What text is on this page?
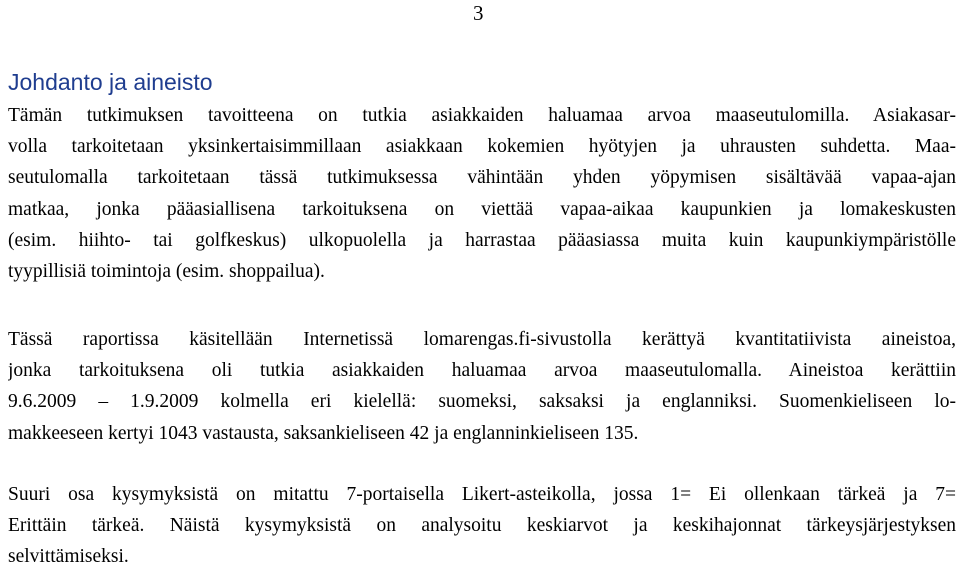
3
Johdanto ja aineisto
Tämän tutkimuksen tavoitteena on tutkia asiakkaiden haluamaa arvoa maaseutulomilla. Asiakasar-
volla tarkoitetaan yksinkertaisimmillaan asiakkaan kokemien hyötyjen ja uhrausten suhdetta. Maa-
seutulomalla tarkoitetaan tässä tutkimuksessa vähintään yhden yöpymisen sisältävää vapaa-ajan
matkaa, jonka pääasiallisena tarkoituksena on viettää vapaa-aikaa kaupunkien ja lomakeskusten
(esim. hiihto- tai golfkeskus) ulkopuolella ja harrastaa pääasiassa muita kuin kaupunkiympäristölle
tyypillisiä toimintoja (esim. shoppailua).
Tässä raportissa käsitellään Internetissä lomarengas.fi-sivustolla kerättyä kvantitatiivista aineistoa,
jonka tarkoituksena oli tutkia asiakkaiden haluamaa arvoa maaseutulomalla. Aineistoa kerättiin
9.6.2009 – 1.9.2009 kolmella eri kielellä: suomeksi, saksaksi ja englanniksi. Suomenkieliseen lo-
makkeeseen kertyi 1043 vastausta, saksankieliseen 42 ja englanninkieliseen 135.
Suuri osa kysymyksistä on mitattu 7-portaisella Likert-asteikolla, jossa 1= Ei ollenkaan tärkeä ja 7=
Erittäin tärkeä. Näistä kysymyksistä on analysoitu keskiarvot ja keskihajonnat tärkeysjärjestyksen
selvittämiseksi.
